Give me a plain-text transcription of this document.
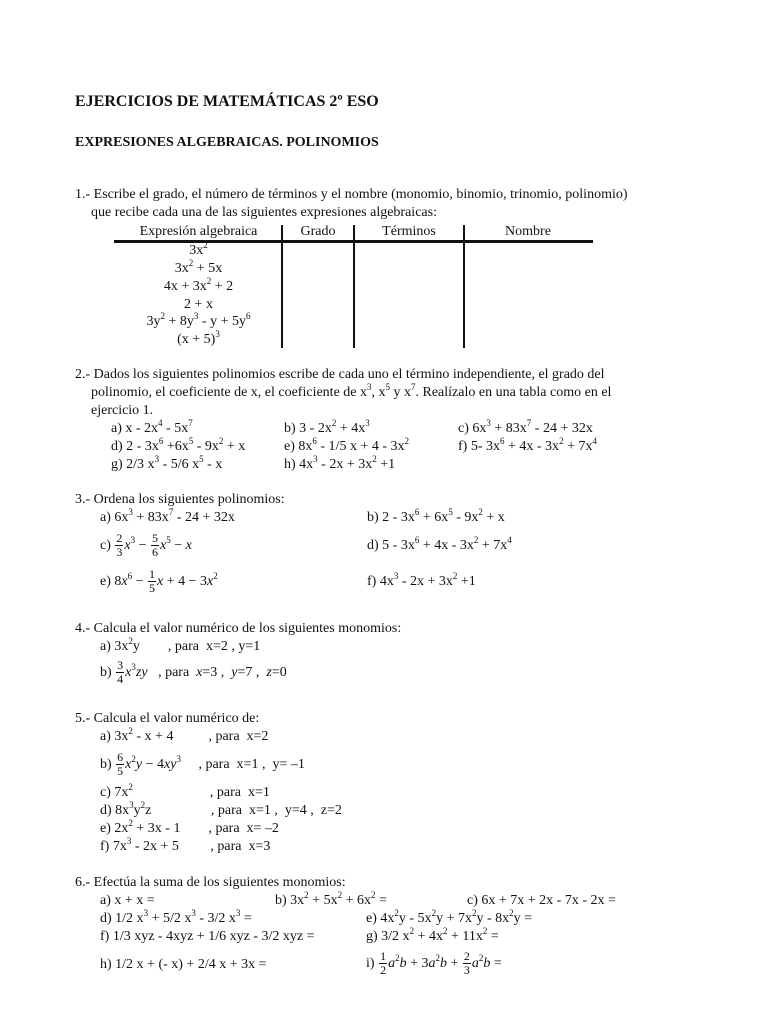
EJERCICIOS DE MATEMÁTICAS 2º ESO
EXPRESIONES ALGEBRAICAS. POLINOMIOS
1.- Escribe el grado, el número de términos y el nombre (monomio, binomio, trinomio, polinomio)
que recibe cada una de las siguientes expresiones algebraicas:
Expresión algebraica	Grado	Términos	Nombre
$3x^2$
$3x^2 + 5x$
$4x + 3x^2 + 2$
2 + x
$3y^2 + 8y^3 - y + 5y^6$
$(x + 5)^3$
2.- Dados los siguientes polinomios escribe de cada uno el término independiente, el grado del
polinomio, el coeficiente de x, el coeficiente de $x^3$, $x^5$ y $x^7$. Realízalo en una tabla como en el
ejercicio 1.
a) x - $2x^4 - 5x^7$	b) $3 - 2x^2 + 4x^3$	c) $6x^3 + 83x^7 - 24 + 32x$
d) $2 - 3x^6 +6x^5 - 9x^2 + x$	e) $8x^6 - 1/5$ $x + 4 - 3x^2$	f) 5- $3x^6 + 4x - 3x^2 + 7x^4$
g) 2/3 $x^3 - 5/6$ $x^5$ - x	h) $4x^3 - 2x + 3x^2 +1$
3.- Ordena los siguientes polinomios:
a) $6x^3 + 83x^7 - 24 + 32x$	b) $2 - 3x^6 + 6x^5 - 9x^2 + x$
$c) \frac{2}{3} x^3 - \frac{5}{6} x^5 - x$	d) $5 - 3x^6 + 4x - 3x^2 + 7x^4$
e) $8x^6 - \frac{1}{5}$ $x + 4 - 3x^2$	f) $4x^3 - 2x + 3x^2 +1$
4.- Calcula el valor numérico de los siguientes monomios:
a) $3x^2y$        , para  x=2 , y=1
$b) \frac{3}{4} x^3zy$   , para  x=3 ,  y=7 ,  z=0
5.- Calcula el valor numérico de:
a) $3x^2 - x + 4$          , para  x=2
$b) \frac{6}{5} x^2y - 4xy^3$     , para  x=1 ,  y= –1
c) $7x^2$                      , para  x=1
d) $8x^3y^2z$                 , para  x=1 ,  y=4 ,  z=2
e) $2x^2 + 3x - 1$        , para  x= –2
f) $7x^3 - 2x + 5$         , para  x=3
6.- Efectúa la suma de los siguientes monomios:
a) x + x =	b) $3x^2 + 5x^2 + 6x^2$ =	c) 6x + 7x + 2x - 7x - 2x =
d) 1/2 $x^3 + 5/2$ $x^3 - 3/2$ $x^3$ =	e) $4x^2y - 5x^2y + 7x^2y - 8x^2y$ =
f) 1/3 xyz - 4xyz + 1/6 xyz - 3/2 xyz =	g) 3/2 $x^2 + 4x^2 + 11x^2$ =
h) 1/2 x + (- x) + 2/4 x + 3x =	$i) \frac{1}{2} a^2b + 3a^2b + \frac{2}{3} a^2b$ =
